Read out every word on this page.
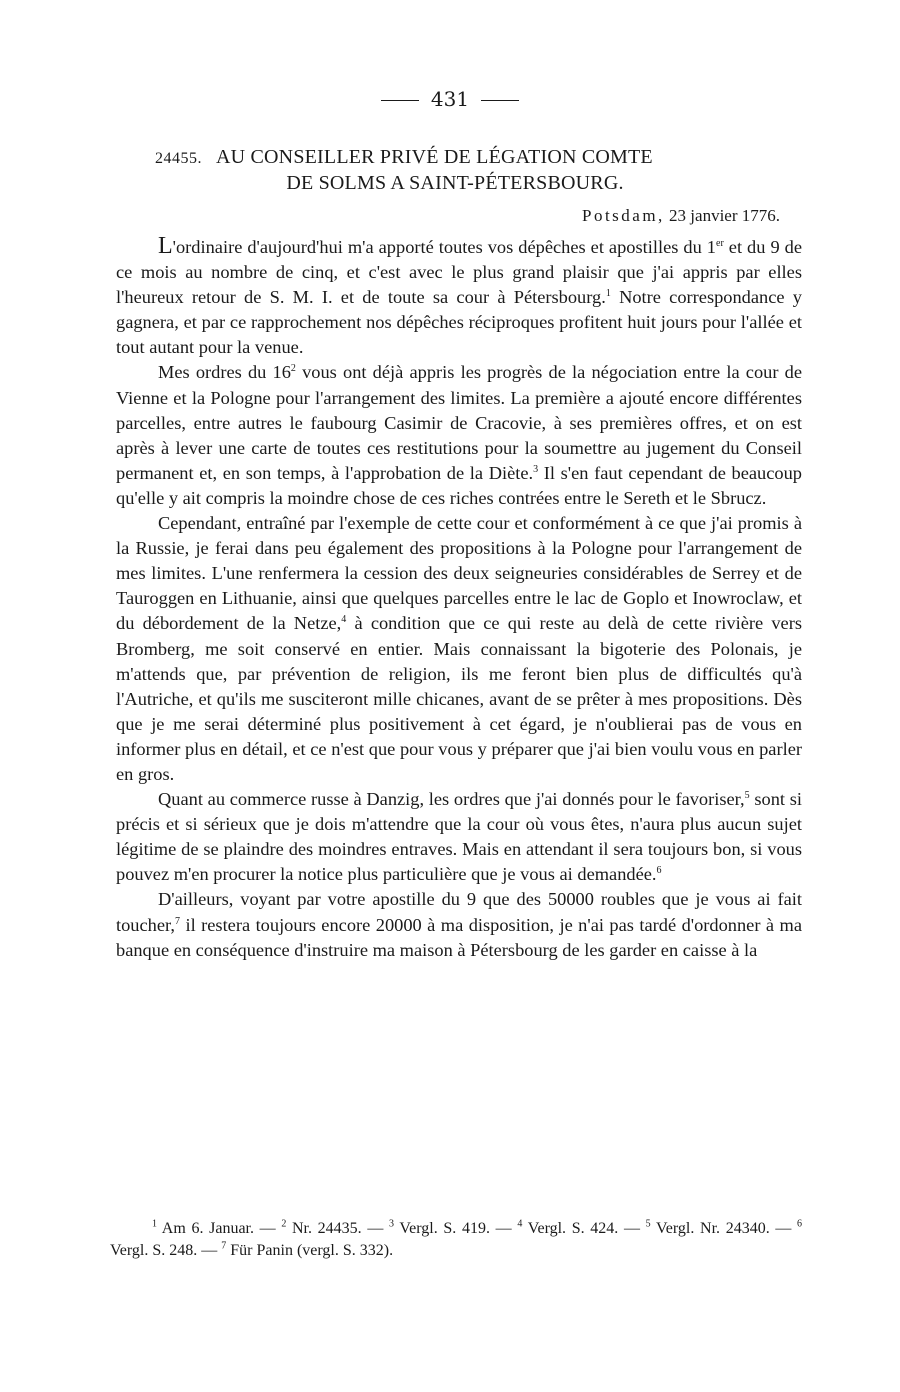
431
24455. AU CONSEILLER PRIVÉ DE LÉGATION COMTE
DE SOLMS A SAINT-PÉTERSBOURG.
Potsdam, 23 janvier 1776.

L'ordinaire d'aujourd'hui m'a apporté toutes vos dépêches et apostilles du 1er et du 9 de ce mois au nombre de cinq, et c'est avec le plus grand plaisir que j'ai appris par elles l'heureux retour de S. M. I. et de toute sa cour à Pétersbourg.$^1$ Notre correspondance y gagnera, et par ce rapprochement nos dépêches réciproques profitent huit jours pour l'allée et tout autant pour la venue.

Mes ordres du $16^2$ vous ont déjà appris les progrès de la négociation entre la cour de Vienne et la Pologne pour l'arrangement des limites. La première a ajouté encore différentes parcelles, entre autres le faubourg Casimir de Cracovie, à ses premières offres, et on est après à lever une carte de toutes ces restitutions pour la soumettre au jugement du Conseil permanent et, en son temps, à l'approbation de la Diète.$^3$ Il s'en faut cependant de beaucoup qu'elle y ait compris la moindre chose de ces riches contrées entre le Sereth et le Sbrucz.

Cependant, entraîné par l'exemple de cette cour et conformément à ce que j'ai promis à la Russie, je ferai dans peu également des propositions à la Pologne pour l'arrangement de mes limites. L'une renfermera la cession des deux seigneuries considérables de Serrey et de Tauroggen en Lithuanie, ainsi que quelques parcelles entre le lac de Goplo et Inowroclaw, et du débordement de la Netze,$^4$ à condition que ce qui reste au delà de cette rivière vers Bromberg, me soit conservé en entier. Mais connaissant la bigoterie des Polonais, je m'attends que, par prévention de religion, ils me feront bien plus de difficultés qu'à l'Autriche, et qu'ils me susciteront mille chicanes, avant de se prêter à mes propositions. Dès que je me serai déterminé plus positivement à cet égard, je n'oublierai pas de vous en informer plus en détail, et ce n'est que pour vous y préparer que j'ai bien voulu vous en parler en gros.

Quant au commerce russe à Danzig, les ordres que j'ai donnés pour le favoriser,$^5$ sont si précis et si sérieux que je dois m'attendre que la cour où vous êtes, n'aura plus aucun sujet légitime de se plaindre des moindres entraves. Mais en attendant il sera toujours bon, si vous pouvez m'en procurer la notice plus particulière que je vous ai demandée.$^6$

D'ailleurs, voyant par votre apostille du 9 que des 50000 roubles que je vous ai fait toucher,$^7$ il restera toujours encore 20000 à ma disposition, je n'ai pas tardé d'ordonner à ma banque en conséquence d'instruire ma maison à Pétersbourg de les garder en caisse à la

$^1$ Am 6. Januar. — $^2$ Nr. 24435. — $^3$ Vergl. S. 419. — $^4$ Vergl. S. 424. — $^5$ Vergl. Nr. 24340. — $^6$ Vergl. S. 248. — $^7$ Für Panin (vergl. S. 332).
